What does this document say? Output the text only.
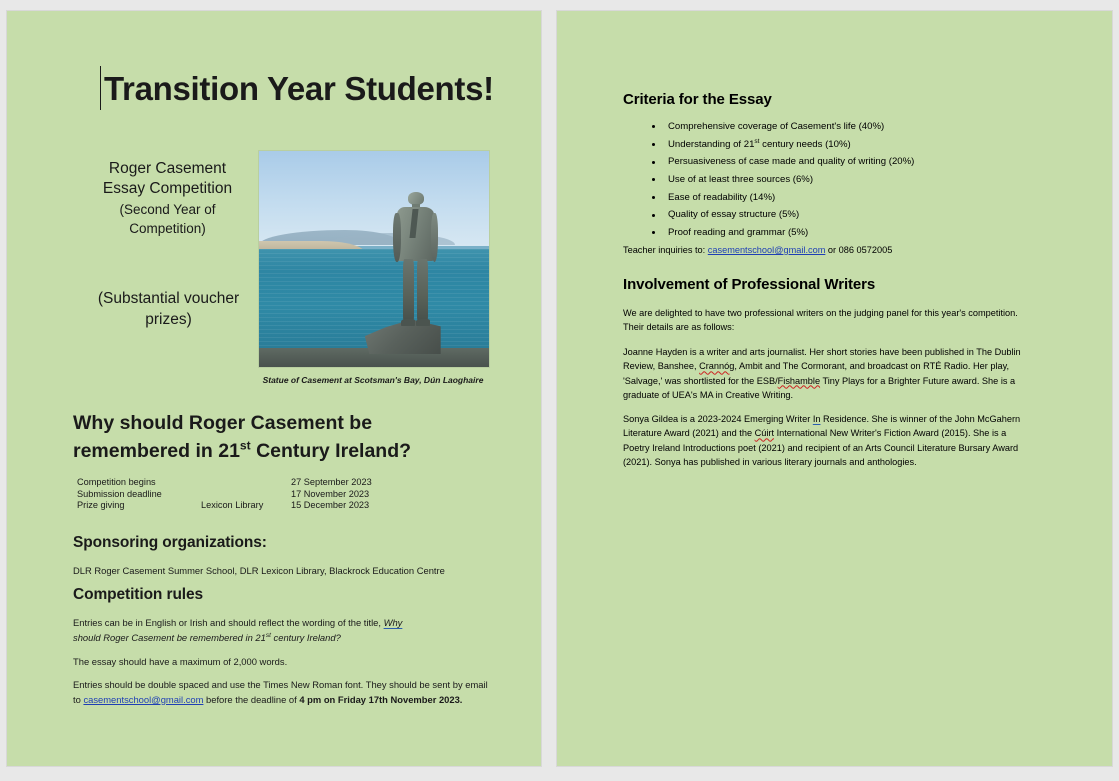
Transition Year Students!
Roger Casement
Essay Competition
(Second Year of
Competition)
(Substantial voucher
prizes)
Statue of Casement at Scotsman's Bay, Dún Laoghaire
Why should Roger Casement be
remembered in 21st Century Ireland?
Competition begins		27 September 2023
Submission deadline		17 November 2023
Prize giving	Lexicon Library	15 December 2023
Sponsoring organizations:
DLR Roger Casement Summer School, DLR Lexicon Library, Blackrock Education Centre
Competition rules
Entries can be in English or Irish and should reflect the wording of the title, Why
should Roger Casement be remembered in 21st century Ireland?
The essay should have a maximum of 2,000 words.
Entries should be double spaced and use the Times New Roman font. They should be sent by email to casementschool@gmail.com before the deadline of 4 pm on Friday 17th November 2023.
Criteria for the Essay
• Comprehensive coverage of Casement's life (40%)
• Understanding of 21st century needs (10%)
• Persuasiveness of case made and quality of writing (20%)
• Use of at least three sources (6%)
• Ease of readability (14%)
• Quality of essay structure (5%)
• Proof reading and grammar (5%)
Teacher inquiries to: casementschool@gmail.com or 086 0572005
Involvement of Professional Writers
We are delighted to have two professional writers on the judging panel for this year's competition. Their details are as follows:
Joanne Hayden is a writer and arts journalist. Her short stories have been published in The Dublin Review, Banshee, Crannóg, Ambit and The Cormorant, and broadcast on RTÉ Radio. Her play, 'Salvage,' was shortlisted for the ESB/Fishamble Tiny Plays for a Brighter Future award. She is a graduate of UEA's MA in Creative Writing.
Sonya Gildea is a 2023-2024 Emerging Writer In Residence. She is winner of the John McGahern Literature Award (2021) and the Cúirt International New Writer's Fiction Award (2015). She is a Poetry Ireland Introductions poet (2021) and recipient of an Arts Council Literature Bursary Award (2021). Sonya has published in various literary journals and anthologies.
